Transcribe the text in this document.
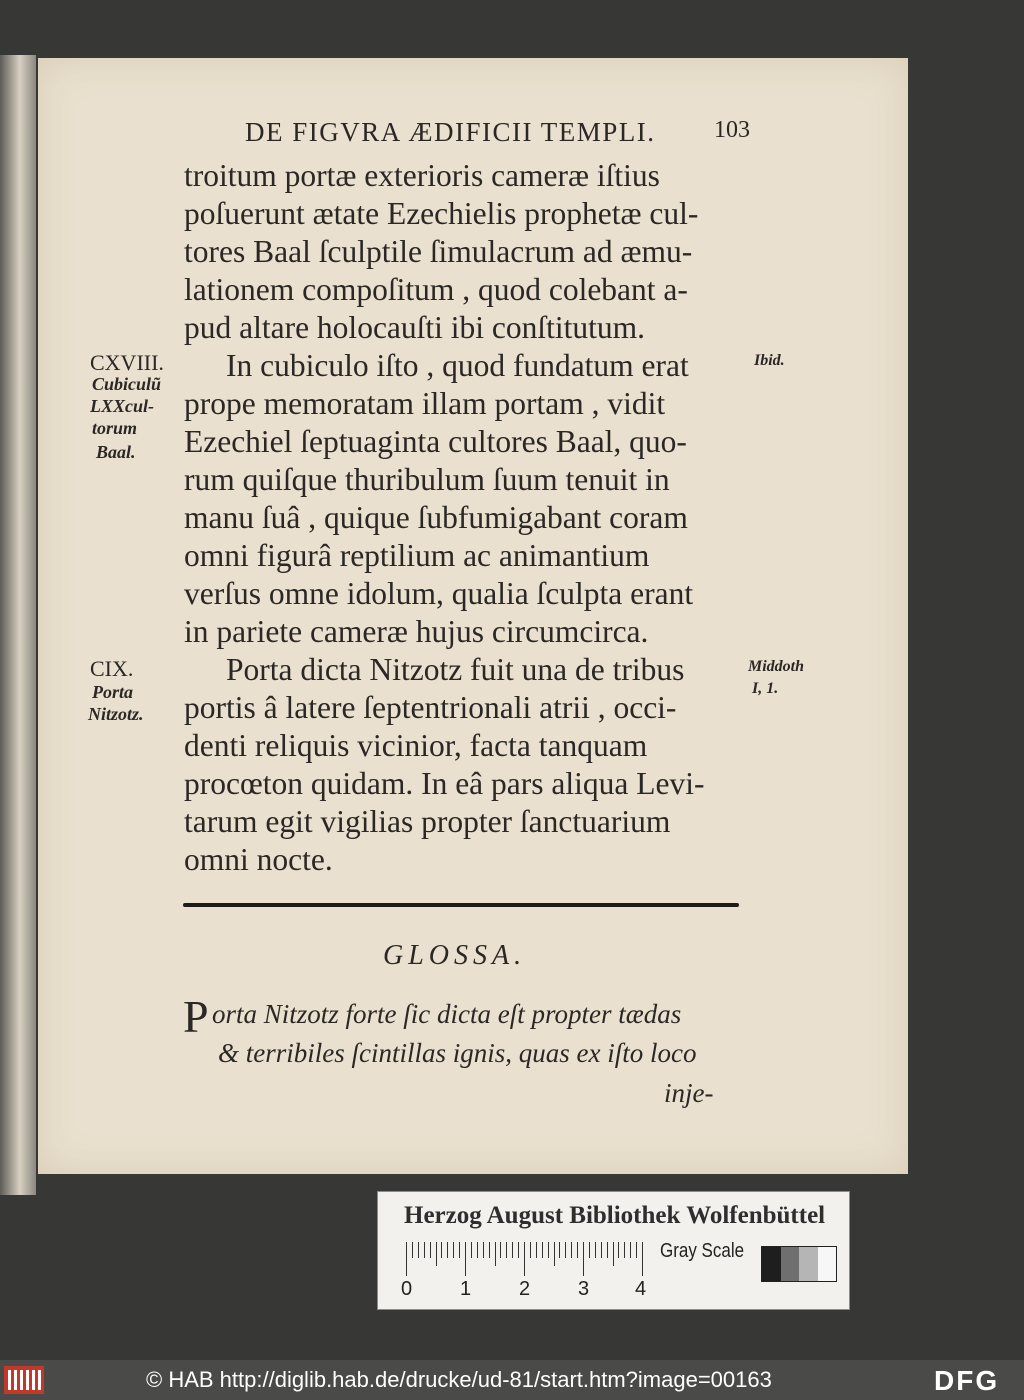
DE FIGVRA ÆDIFICII TEMPLI. 103
troitum portæ exterioris cameræ iſtius
poſuerunt ætate Ezechielis prophetæ cul-
tores Baal ſculptile ſimulacrum ad æmu-
lationem compoſitum , quod colebant a-
pud altare holocauſti ibi conſtitutum.
In cubiculo iſto , quod fundatum erat
prope memoratam illam portam , vidit
Ezechiel ſeptuaginta cultores Baal, quo-
rum quiſque thuribulum ſuum tenuit in
manu ſuâ , quique ſubfumigabant coram
omni figurâ reptilium ac animantium
verſus omne idolum, qualia ſculpta erant
in pariete cameræ hujus circumcirca.
Porta dicta Nitzotz fuit una de tribus
portis â latere ſeptentrionali atrii , occi-
denti reliquis vicinior, facta tanquam
procœton quidam. In eâ pars aliqua Levi-
tarum egit vigilias propter ſanctuarium
omni nocte.
CXVIII.
Cubiculũ
LXXcul-
torum
Baal.
CIX.
Porta
Nitzotz.
Ibid.
Middoth
I, 1.
GLOSSA.
P orta Nitzotz forte ſic dicta eſt propter tædas
& terribiles ſcintillas ignis, quas ex iſto loco
inje-
Herzog August Bibliothek Wolfenbüttel
0 1 2 3 4
Gray Scale
© HAB http://diglib.hab.de/drucke/ud-81/start.htm?image=00163	DFG
